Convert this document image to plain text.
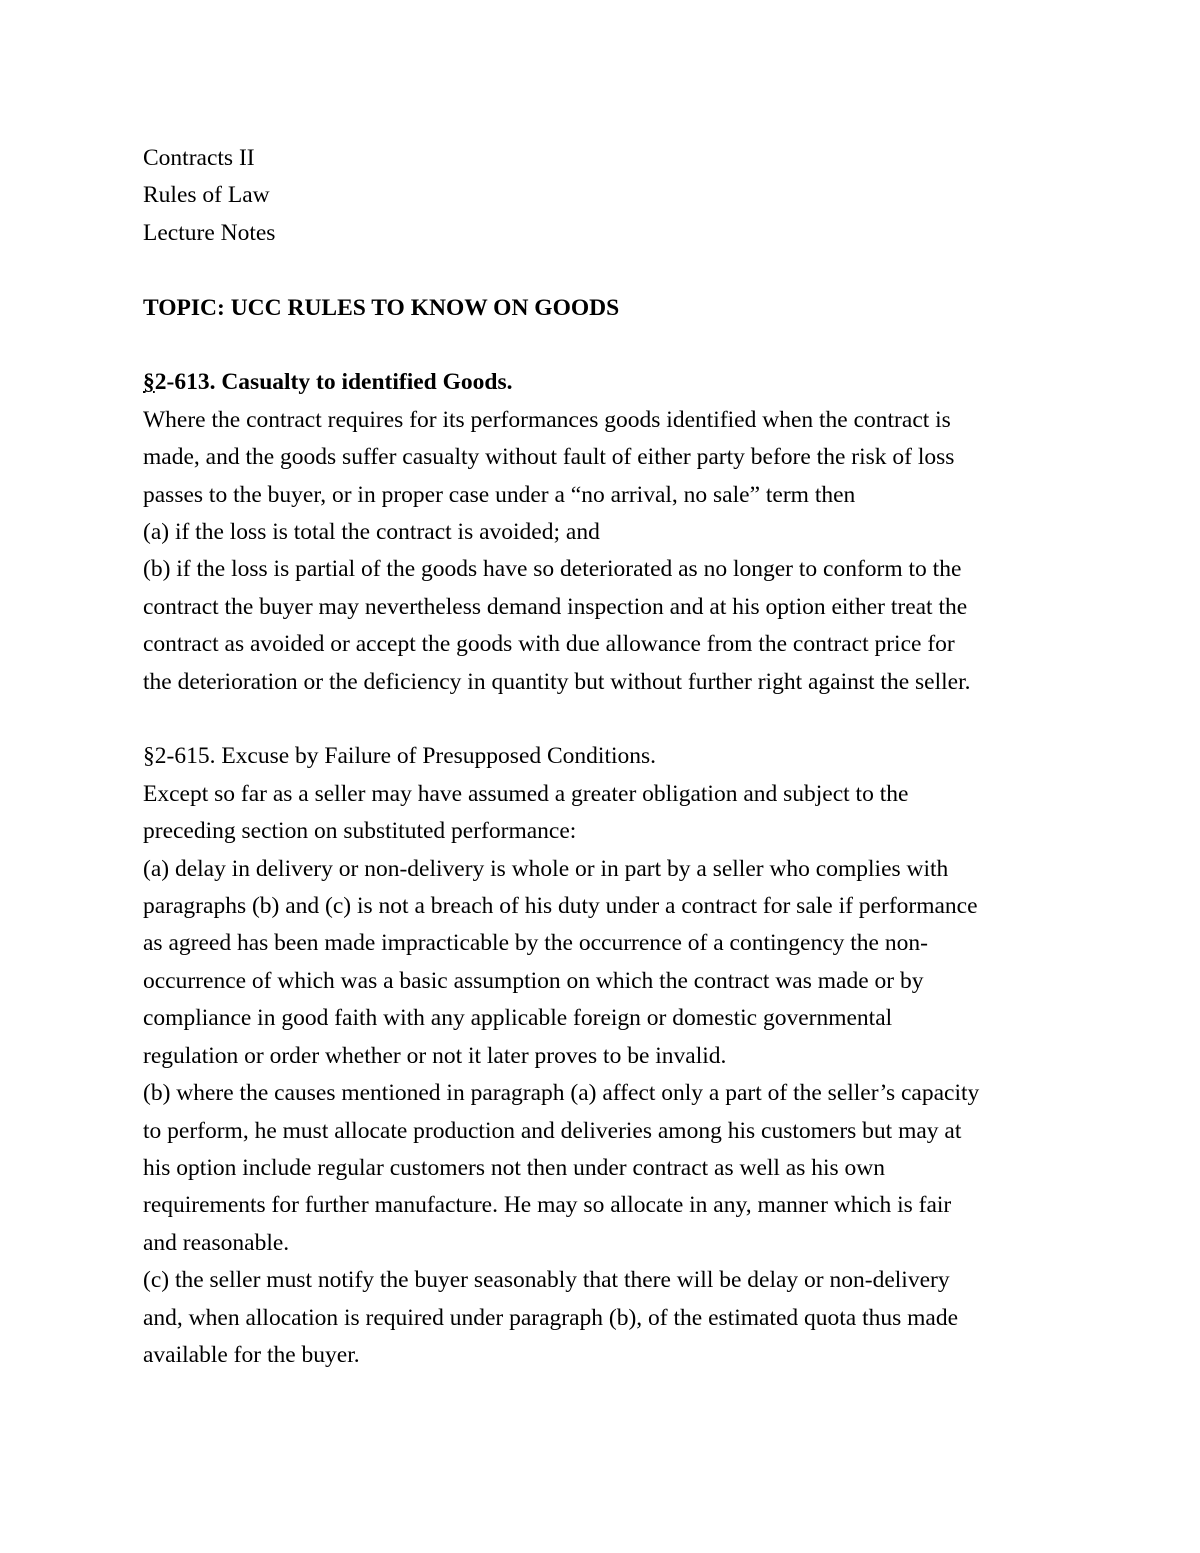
Contracts II
Rules of Law
Lecture Notes
TOPIC: UCC RULES TO KNOW ON GOODS
§2-613. Casualty to identified Goods.
Where the contract requires for its performances goods identified when the contract is
made, and the goods suffer casualty without fault of either party before the risk of loss
passes to the buyer, or in proper case under a “no arrival, no sale” term then
(a) if the loss is total the contract is avoided; and
(b) if the loss is partial of the goods have so deteriorated as no longer to conform to the
contract the buyer may nevertheless demand inspection and at his option either treat the
contract as avoided or accept the goods with due allowance from the contract price for
the deterioration or the deficiency in quantity but without further right against the seller.
§2-615. Excuse by Failure of Presupposed Conditions.
Except so far as a seller may have assumed a greater obligation and subject to the
preceding section on substituted performance:
(a) delay in delivery or non-delivery is whole or in part by a seller who complies with
paragraphs (b) and (c) is not a breach of his duty under a contract for sale if performance
as agreed has been made impracticable by the occurrence of a contingency the non-
occurrence of which was a basic assumption on which the contract was made or by
compliance in good faith with any applicable foreign or domestic governmental
regulation or order whether or not it later proves to be invalid.
(b) where the causes mentioned in paragraph (a) affect only a part of the seller’s capacity
to perform, he must allocate production and deliveries among his customers but may at
his option include regular customers not then under contract as well as his own
requirements for further manufacture. He may so allocate in any, manner which is fair
and reasonable.
(c) the seller must notify the buyer seasonably that there will be delay or non-delivery
and, when allocation is required under paragraph (b), of the estimated quota thus made
available for the buyer.
